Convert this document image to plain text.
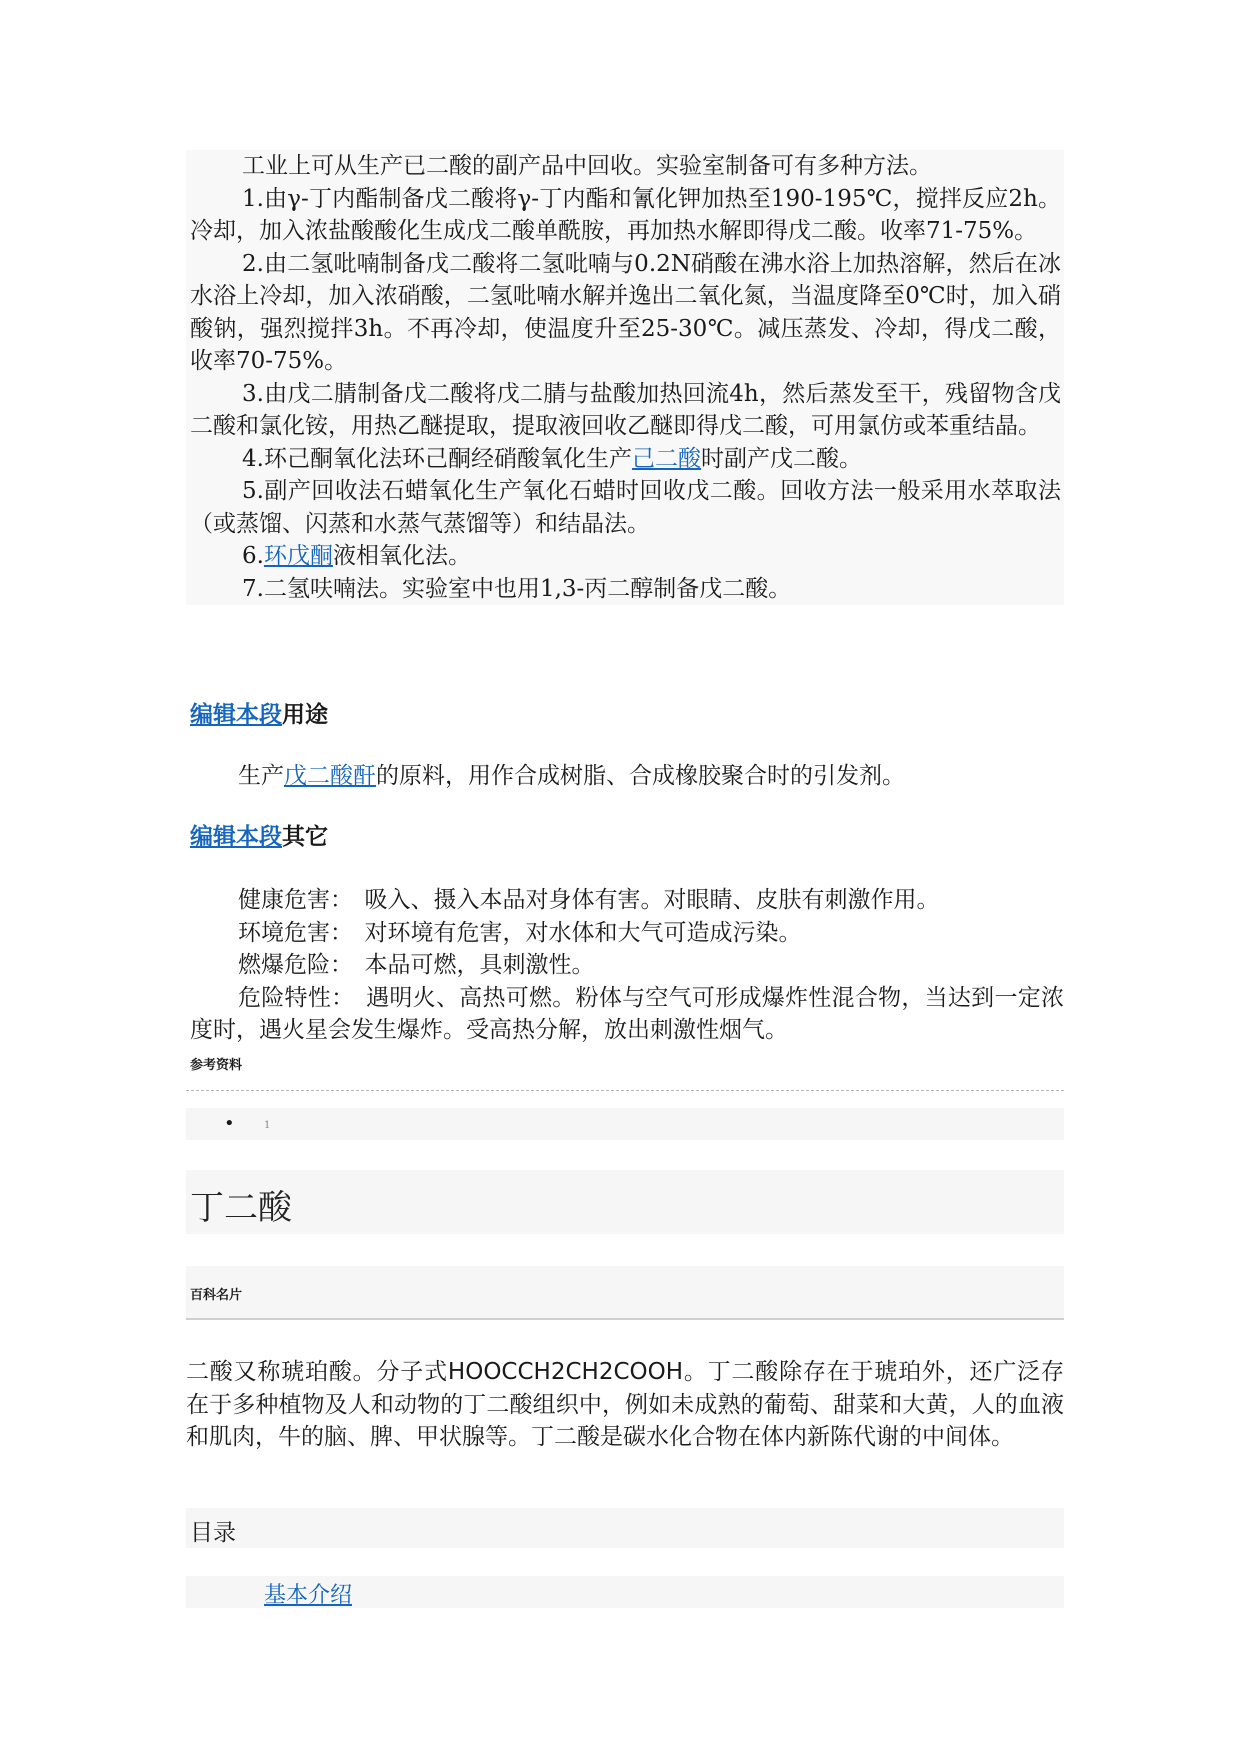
工业上可从生产已二酸的副产品中回收。实验室制备可有多种方法。

1.由γ-丁内酯制备戊二酸将γ-丁内酯和氰化钾加热至190-195℃，搅拌反应2h。冷却，加入浓盐酸酸化生成戊二酸单酰胺，再加热水解即得戊二酸。收率71-75%。

2.由二氢吡喃制备戊二酸将二氢吡喃与0.2N硝酸在沸水浴上加热溶解，然后在冰水浴上冷却，加入浓硝酸，二氢吡喃水解并逸出二氧化氮，当温度降至0℃时，加入硝酸钠，强烈搅拌3h。不再冷却，使温度升至25-30℃。减压蒸发、冷却，得戊二酸，收率70-75%。

3.由戊二腈制备戊二酸将戊二腈与盐酸加热回流4h，然后蒸发至干，残留物含戊二酸和氯化铵，用热乙醚提取，提取液回收乙醚即得戊二酸，可用氯仿或苯重结晶。

4.环己酮氧化法环己酮经硝酸氧化生产己二酸时副产戊二酸。

5.副产回收法石蜡氧化生产氧化石蜡时回收戊二酸。回收方法一般采用水萃取法（或蒸馏、闪蒸和水蒸气蒸馏等）和结晶法。

6.环戊酮液相氧化法。

7.二氢呋喃法。实验室中也用1,3-丙二醇制备戊二酸。

编辑本段用途

生产戊二酸酐的原料，用作合成树脂、合成橡胶聚合时的引发剂。

编辑本段其它

健康危害：　吸入、摄入本品对身体有害。对眼睛、皮肤有刺激作用。

环境危害：　对环境有危害，对水体和大气可造成污染。

燃爆危险：　本品可燃，具刺激性。

危险特性：　遇明火、高热可燃。粉体与空气可形成爆炸性混合物，当达到一定浓度时，遇火星会发生爆炸。受高热分解，放出刺激性烟气。

参考资料
•	1
丁二酸
百科名片

二酸又称琥珀酸。分子式HOOCCH2CH2COOH。丁二酸除存在于琥珀外，还广泛存在于多种植物及人和动物的丁二酸组织中，例如未成熟的葡萄、甜菜和大黄，人的血液和肌肉，牛的脑、脾、甲状腺等。丁二酸是碳水化合物在体内新陈代谢的中间体。

目录
基本介绍
